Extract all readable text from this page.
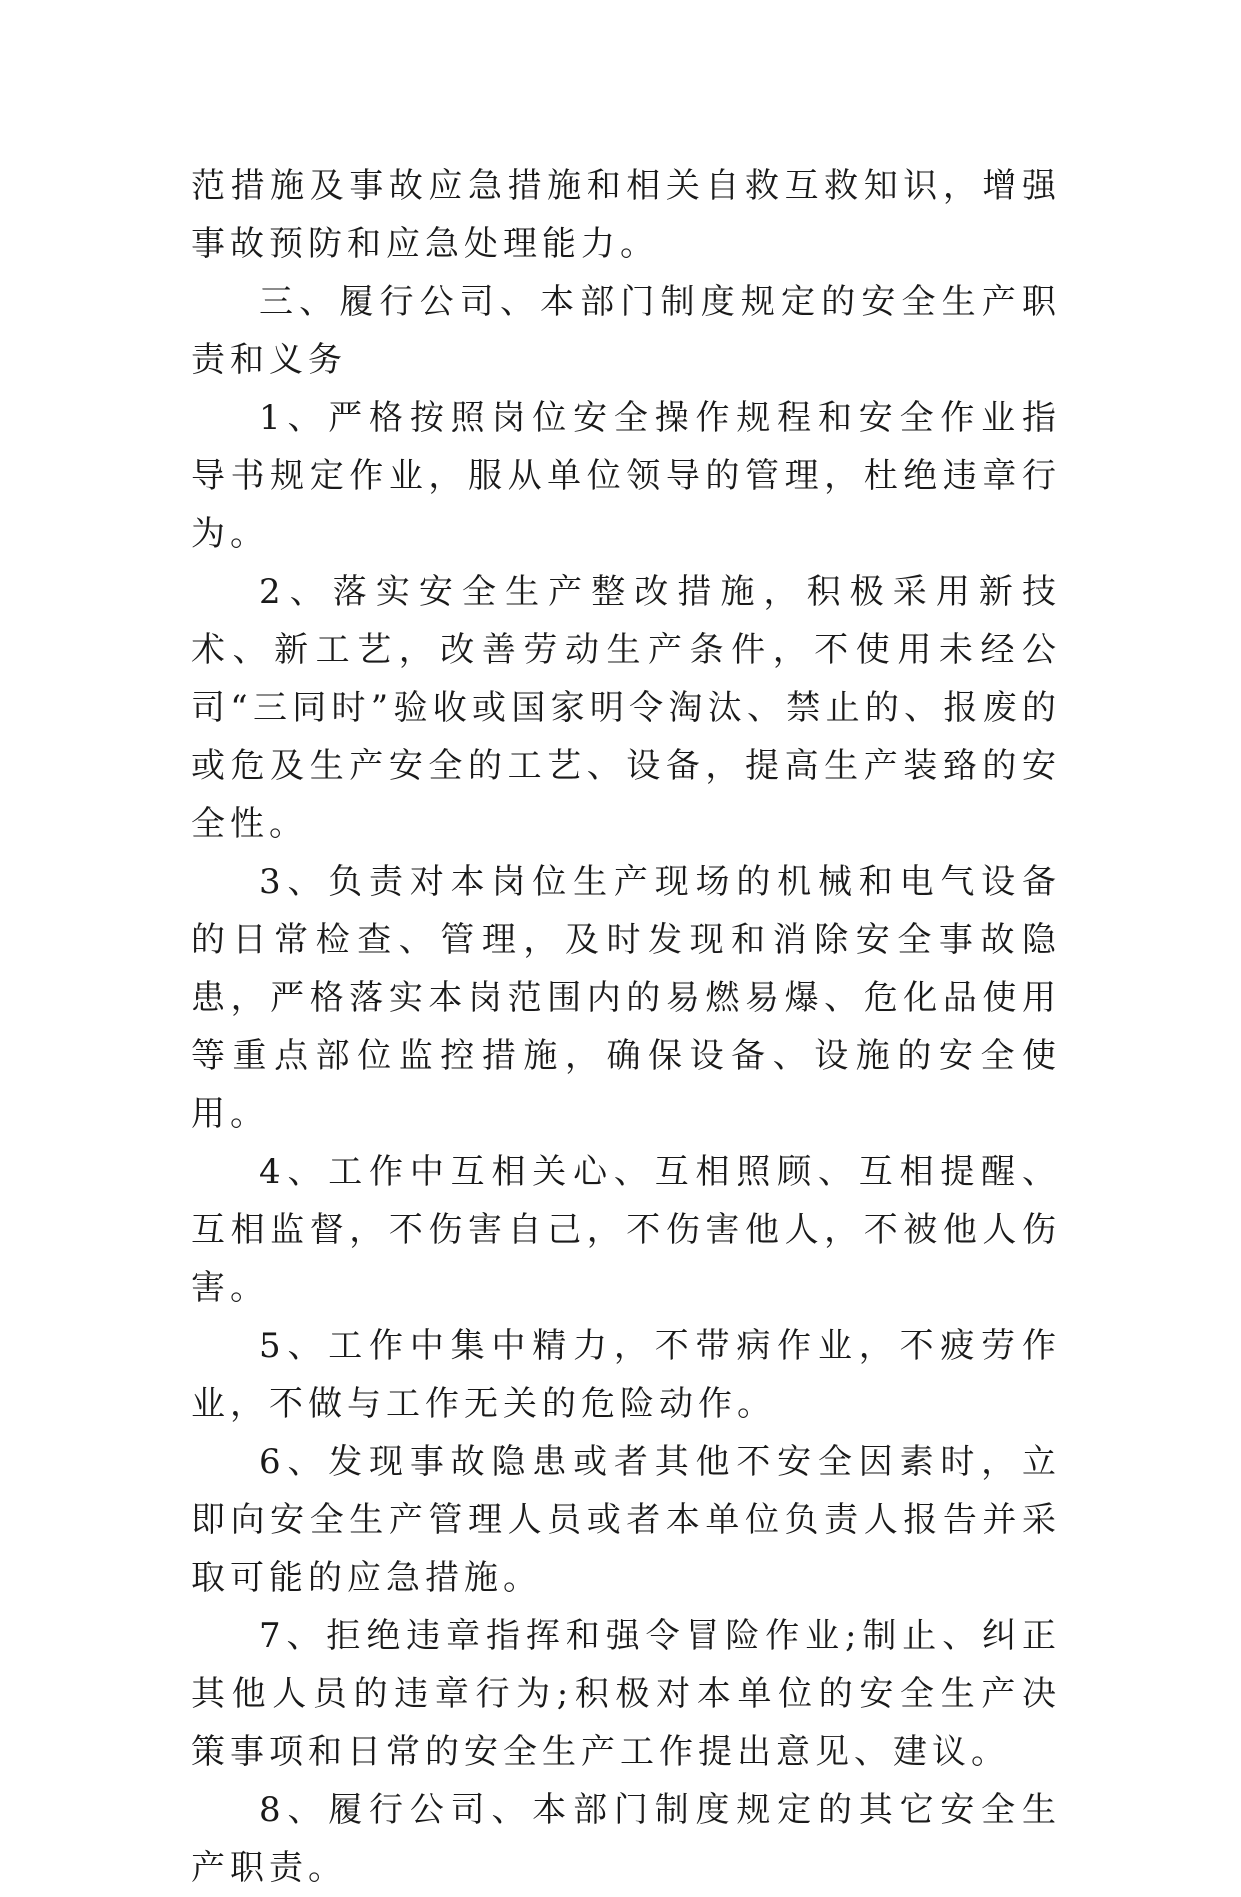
范措施及事故应急措施和相关自救互救知识，增强事故预防和应急处理能力。

三、履行公司、本部门制度规定的安全生产职责和义务

1、严格按照岗位安全操作规程和安全作业指导书规定作业，服从单位领导的管理，杜绝违章行为。

2、落实安全生产整改措施，积极采用新技术、新工艺，改善劳动生产条件，不使用未经公司“三同时”验收或国家明令淘汰、禁止的、报废的或危及生产安全的工艺、设备，提高生产装臵的安全性。

3、负责对本岗位生产现场的机械和电气设备的日常检查、管理，及时发现和消除安全事故隐患，严格落实本岗范围内的易燃易爆、危化品使用等重点部位监控措施，确保设备、设施的安全使用。

4、工作中互相关心、互相照顾、互相提醒、互相监督，不伤害自己，不伤害他人，不被他人伤害。

5、工作中集中精力，不带病作业，不疲劳作业，不做与工作无关的危险动作。

6、发现事故隐患或者其他不安全因素时，立即向安全生产管理人员或者本单位负责人报告并采取可能的应急措施。

7、拒绝违章指挥和强令冒险作业;制止、纠正其他人员的违章行为;积极对本单位的安全生产决策事项和日常的安全生产工作提出意见、建议。

8、履行公司、本部门制度规定的其它安全生产职责。
